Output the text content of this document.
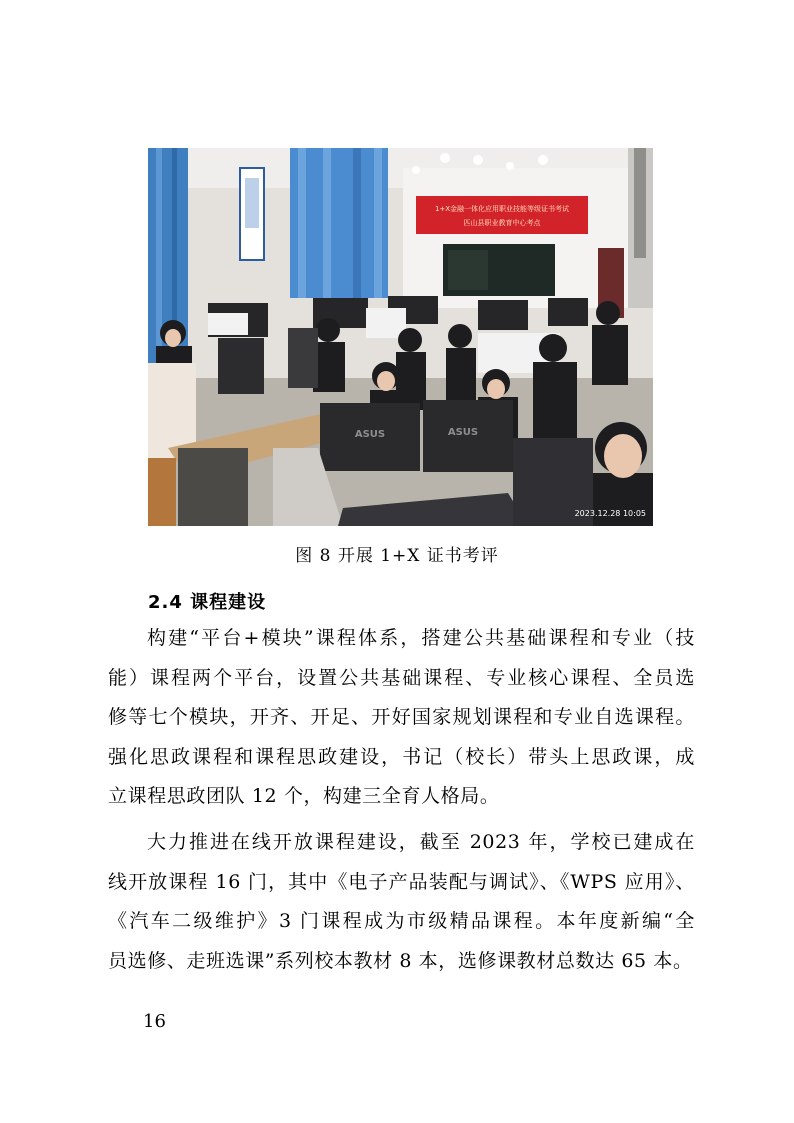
1+X金融一体化应用职业技能等级证书考试
匹山县职业教育中心考点
ASUS	ASUS
2023.12.28 10:05
图 8 开展 1+X 证书考评
2.4 课程建设
构建“平台+模块”课程体系，搭建公共基础课程和专业（技
能）课程两个平台，设置公共基础课程、专业核心课程、全员选
修等七个模块，开齐、开足、开好国家规划课程和专业自选课程。
强化思政课程和课程思政建设，书记（校长）带头上思政课，成
立课程思政团队 12 个，构建三全育人格局。
大力推进在线开放课程建设，截至 2023 年，学校已建成在
线开放课程 16 门，其中《电子产品装配与调试》、《WPS 应用》、
《汽车二级维护》3 门课程成为市级精品课程。本年度新编“全
员选修、走班选课”系列校本教材 8 本，选修课教材总数达 65 本。
16
